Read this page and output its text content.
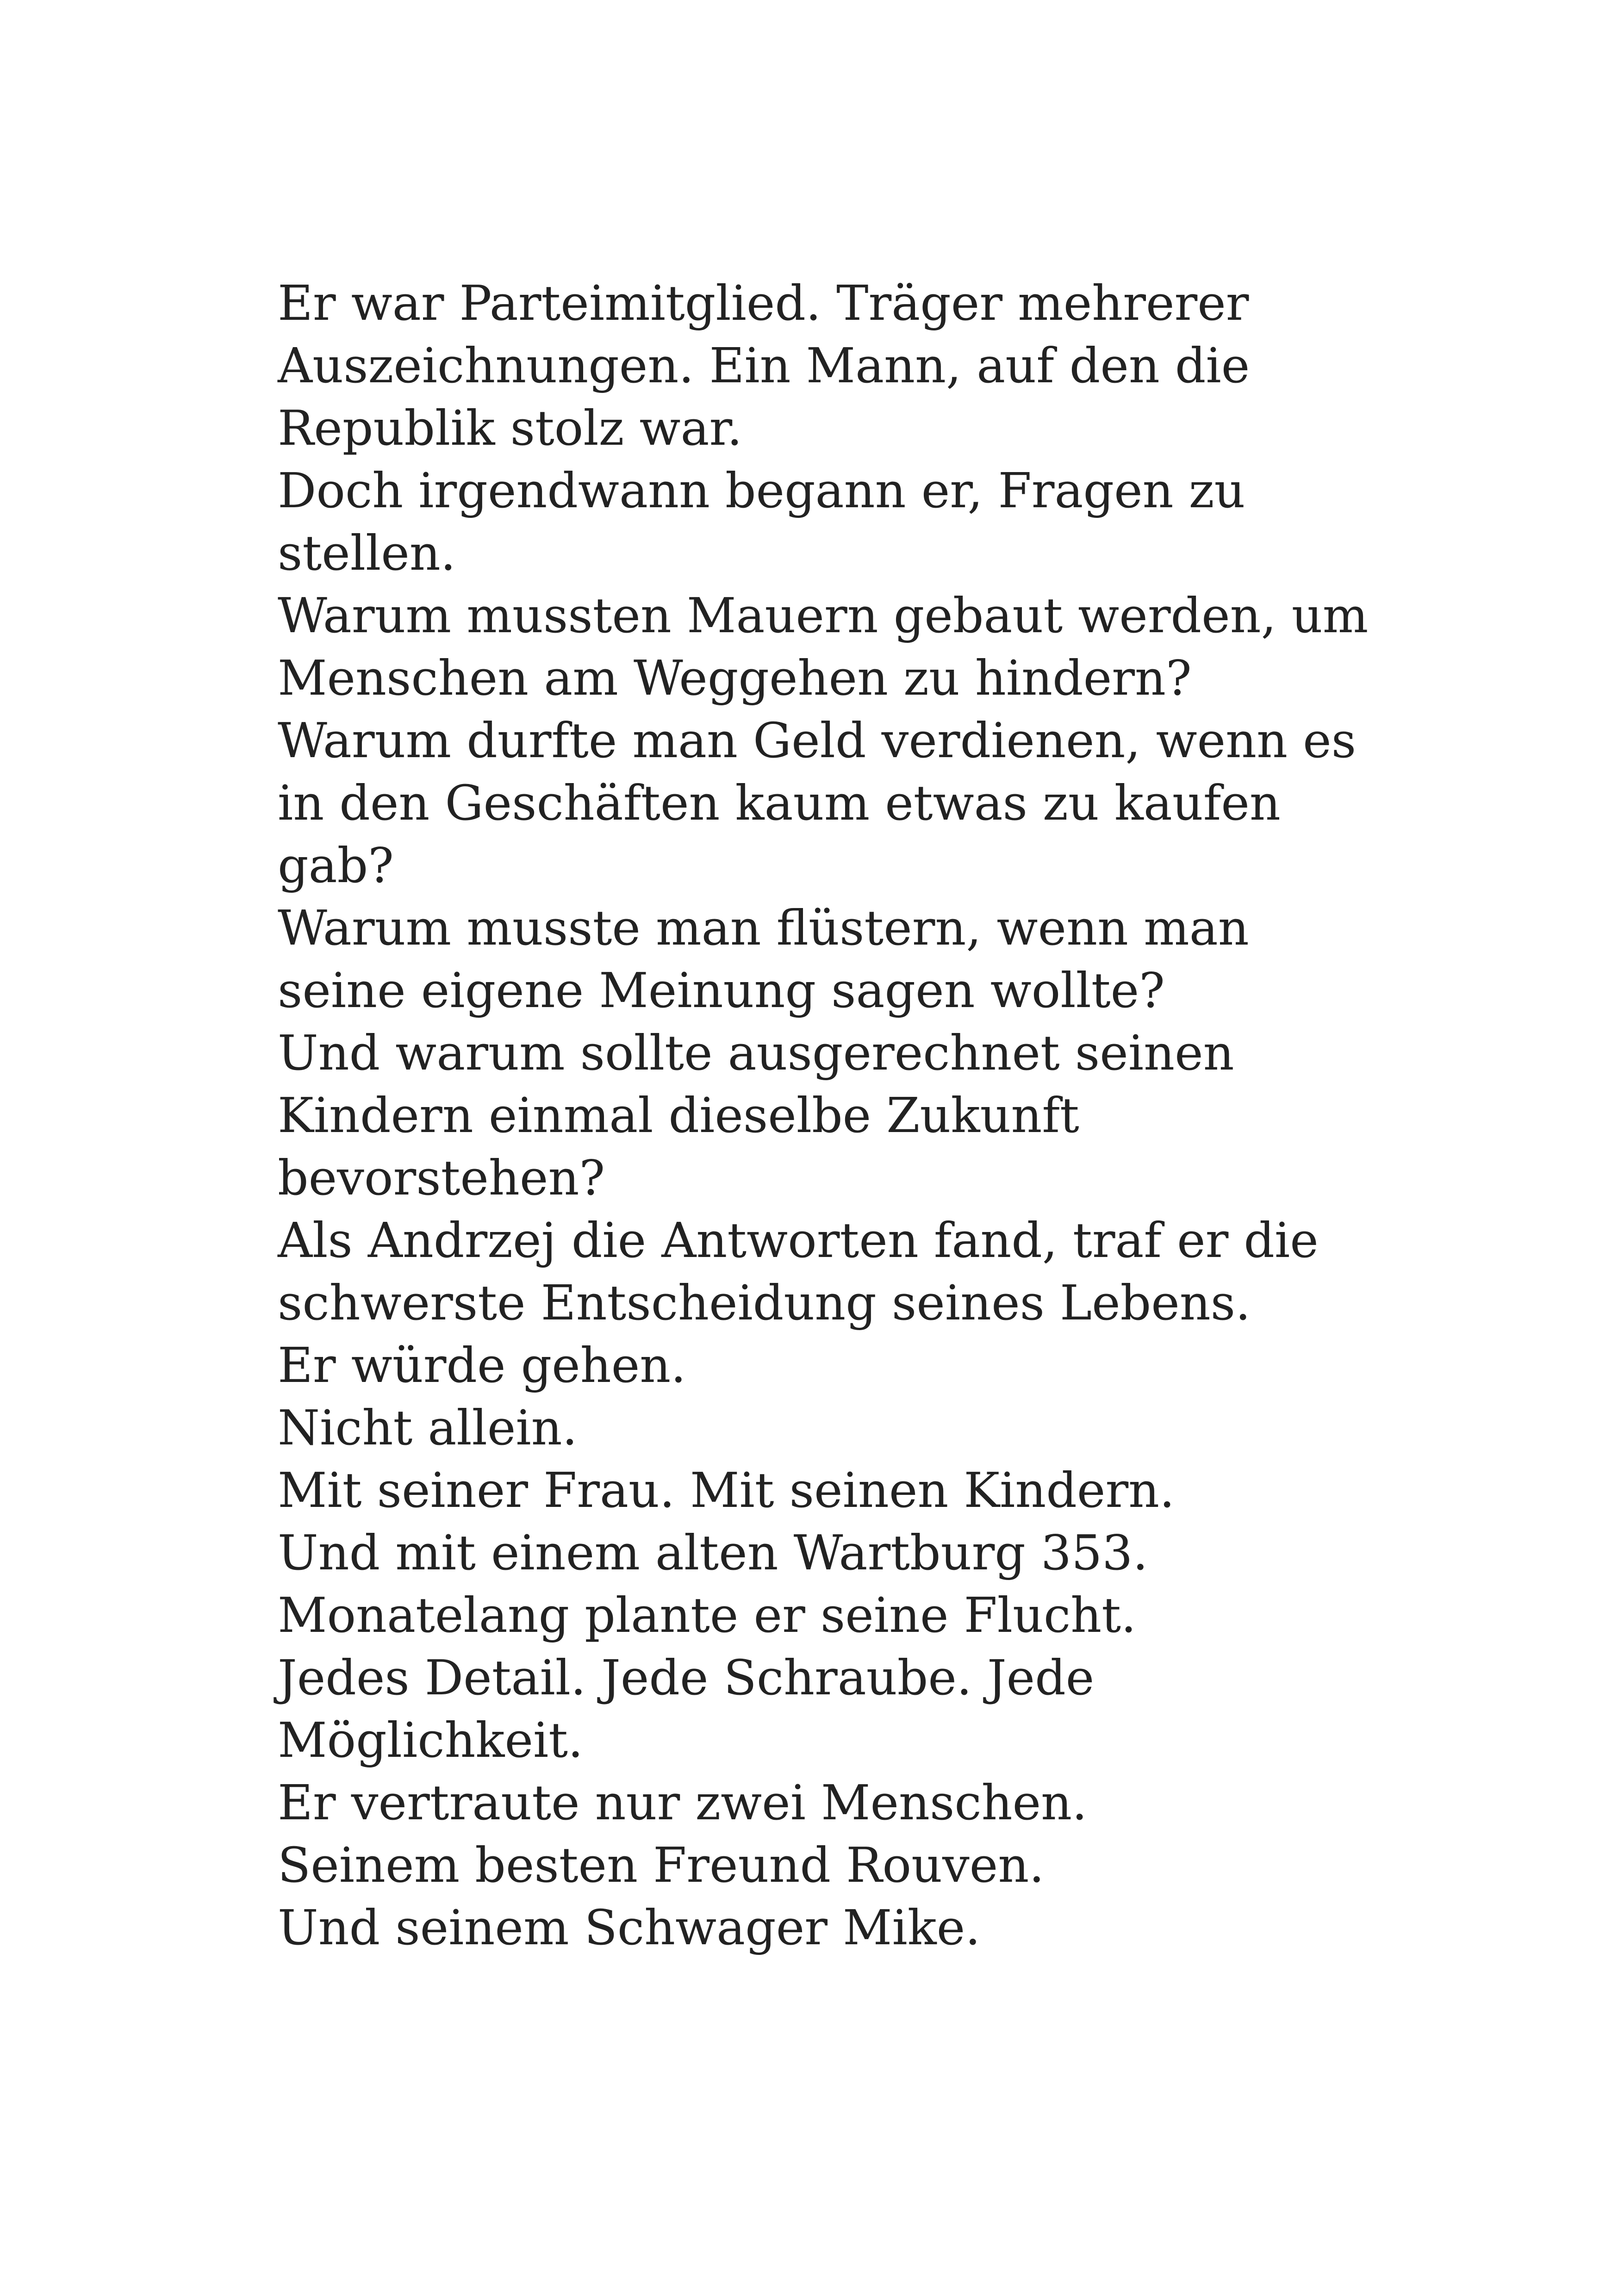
Er war Parteimitglied. Träger mehrerer Auszeichnungen. Ein Mann, auf den die Republik stolz war.

Doch irgendwann begann er, Fragen zu stellen.

Warum mussten Mauern gebaut werden, um Menschen am Weggehen zu hindern?

Warum durfte man Geld verdienen, wenn es in den Geschäften kaum etwas zu kaufen gab?

Warum musste man flüstern, wenn man seine eigene Meinung sagen wollte?

Und warum sollte ausgerechnet seinen Kindern einmal dieselbe Zukunft bevorstehen?

Als Andrzej die Antworten fand, traf er die schwerste Entscheidung seines Lebens.

Er würde gehen.

Nicht allein.

Mit seiner Frau. Mit seinen Kindern.

Und mit einem alten Wartburg 353.

Monatelang plante er seine Flucht.

Jedes Detail. Jede Schraube. Jede Möglichkeit.

Er vertraute nur zwei Menschen.

Seinem besten Freund Rouven.

Und seinem Schwager Mike.
